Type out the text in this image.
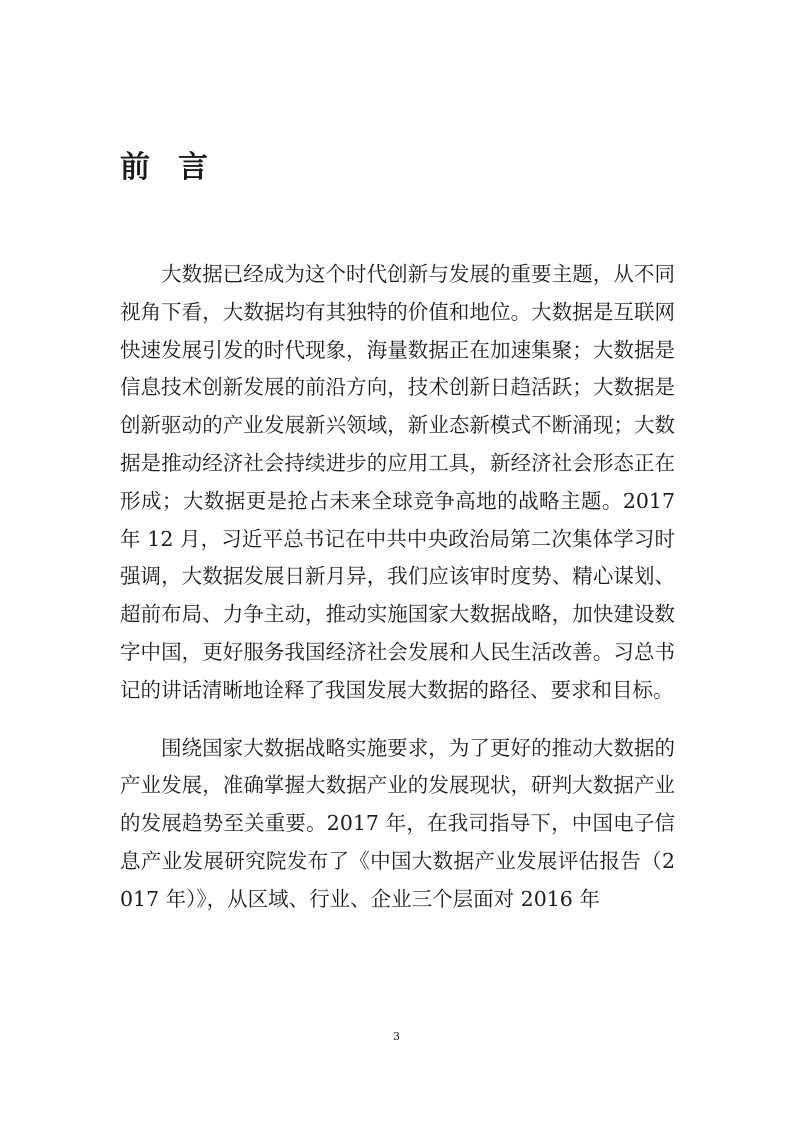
前言

大数据已经成为这个时代创新与发展的重要主题，从不同视角下看，大数据均有其独特的价值和地位。大数据是互联网快速发展引发的时代现象，海量数据正在加速集聚；大数据是信息技术创新发展的前沿方向，技术创新日趋活跃；大数据是创新驱动的产业发展新兴领域，新业态新模式不断涌现；大数据是推动经济社会持续进步的应用工具，新经济社会形态正在形成；大数据更是抢占未来全球竞争高地的战略主题。2017 年 12 月，习近平总书记在中共中央政治局第二次集体学习时强调，大数据发展日新月异，我们应该审时度势、精心谋划、超前布局、力争主动，推动实施国家大数据战略，加快建设数字中国，更好服务我国经济社会发展和人民生活改善。习总书记的讲话清晰地诠释了我国发展大数据的路径、要求和目标。

围绕国家大数据战略实施要求，为了更好的推动大数据的产业发展，准确掌握大数据产业的发展现状，研判大数据产业的发展趋势至关重要。2017 年，在我司指导下，中国电子信息产业发展研究院发布了《中国大数据产业发展评估报告（2017 年）》，从区域、行业、企业三个层面对 2016 年

3
